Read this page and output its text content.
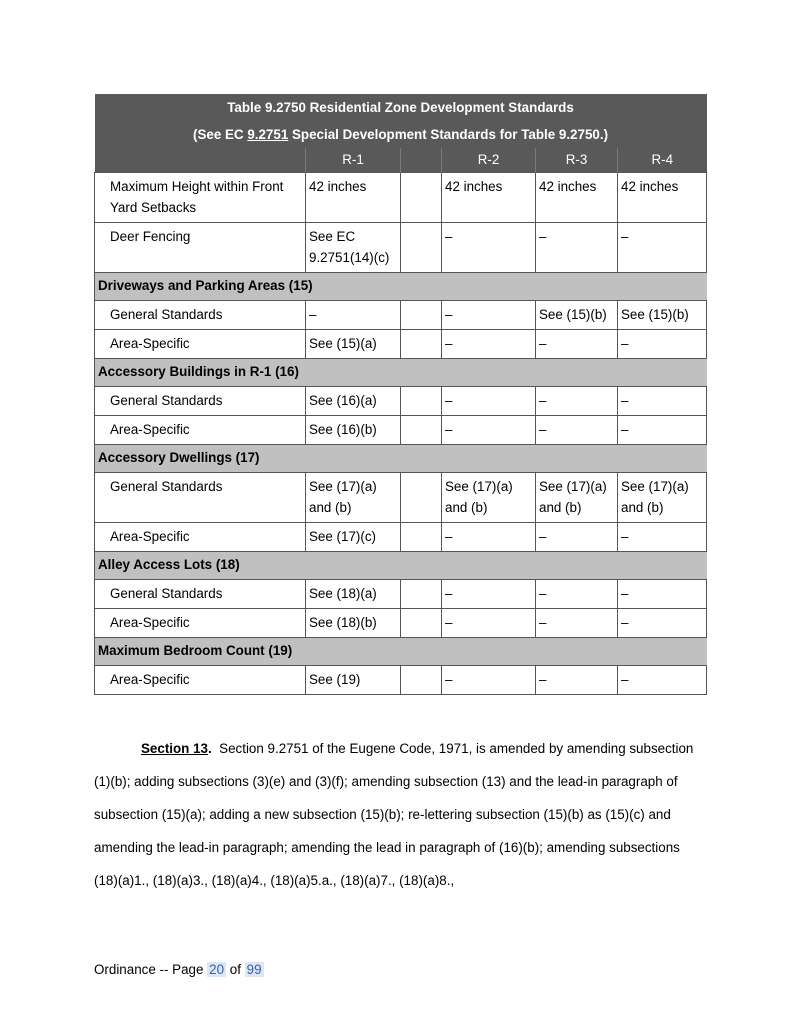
Table 9.2750 Residential Zone Development Standards					
(See EC 9.2751 Special Development Standards for Table 9.2750.)					
	R-1		R-2	R-3	R-4
Maximum Height within Front Yard Setbacks	42 inches		42 inches	42 inches	42 inches
Deer Fencing	See EC 9.2751(14)(c)		–	–	–
Driveways and Parking Areas (15)					
General Standards	–		–	See (15)(b)	See (15)(b)
Area-Specific	See (15)(a)		–	–	–
Accessory Buildings in R-1 (16)					
General Standards	See (16)(a)		–	–	–
Area-Specific	See (16)(b)		–	–	–
Accessory Dwellings (17)					
General Standards	See (17)(a) and (b)		See (17)(a) and (b)	See (17)(a) and (b)	See (17)(a) and (b)
Area-Specific	See (17)(c)		–	–	–
Alley Access Lots (18)					
General Standards	See (18)(a)		–	–	–
Area-Specific	See (18)(b)		–	–	–
Maximum Bedroom Count (19)					
Area-Specific	See (19)		–	–	–
Section 13.  Section 9.2751 of the Eugene Code, 1971, is amended by amending subsection (1)(b); adding subsections (3)(e) and (3)(f); amending subsection (13) and the lead-in paragraph of subsection (15)(a); adding a new subsection (15)(b); re-lettering subsection (15)(b) as (15)(c) and amending the lead-in paragraph; amending the lead in paragraph of (16)(b); amending subsections (18)(a)1., (18)(a)3., (18)(a)4., (18)(a)5.a., (18)(a)7., (18)(a)8.,
Ordinance -- Page 20 of 99
